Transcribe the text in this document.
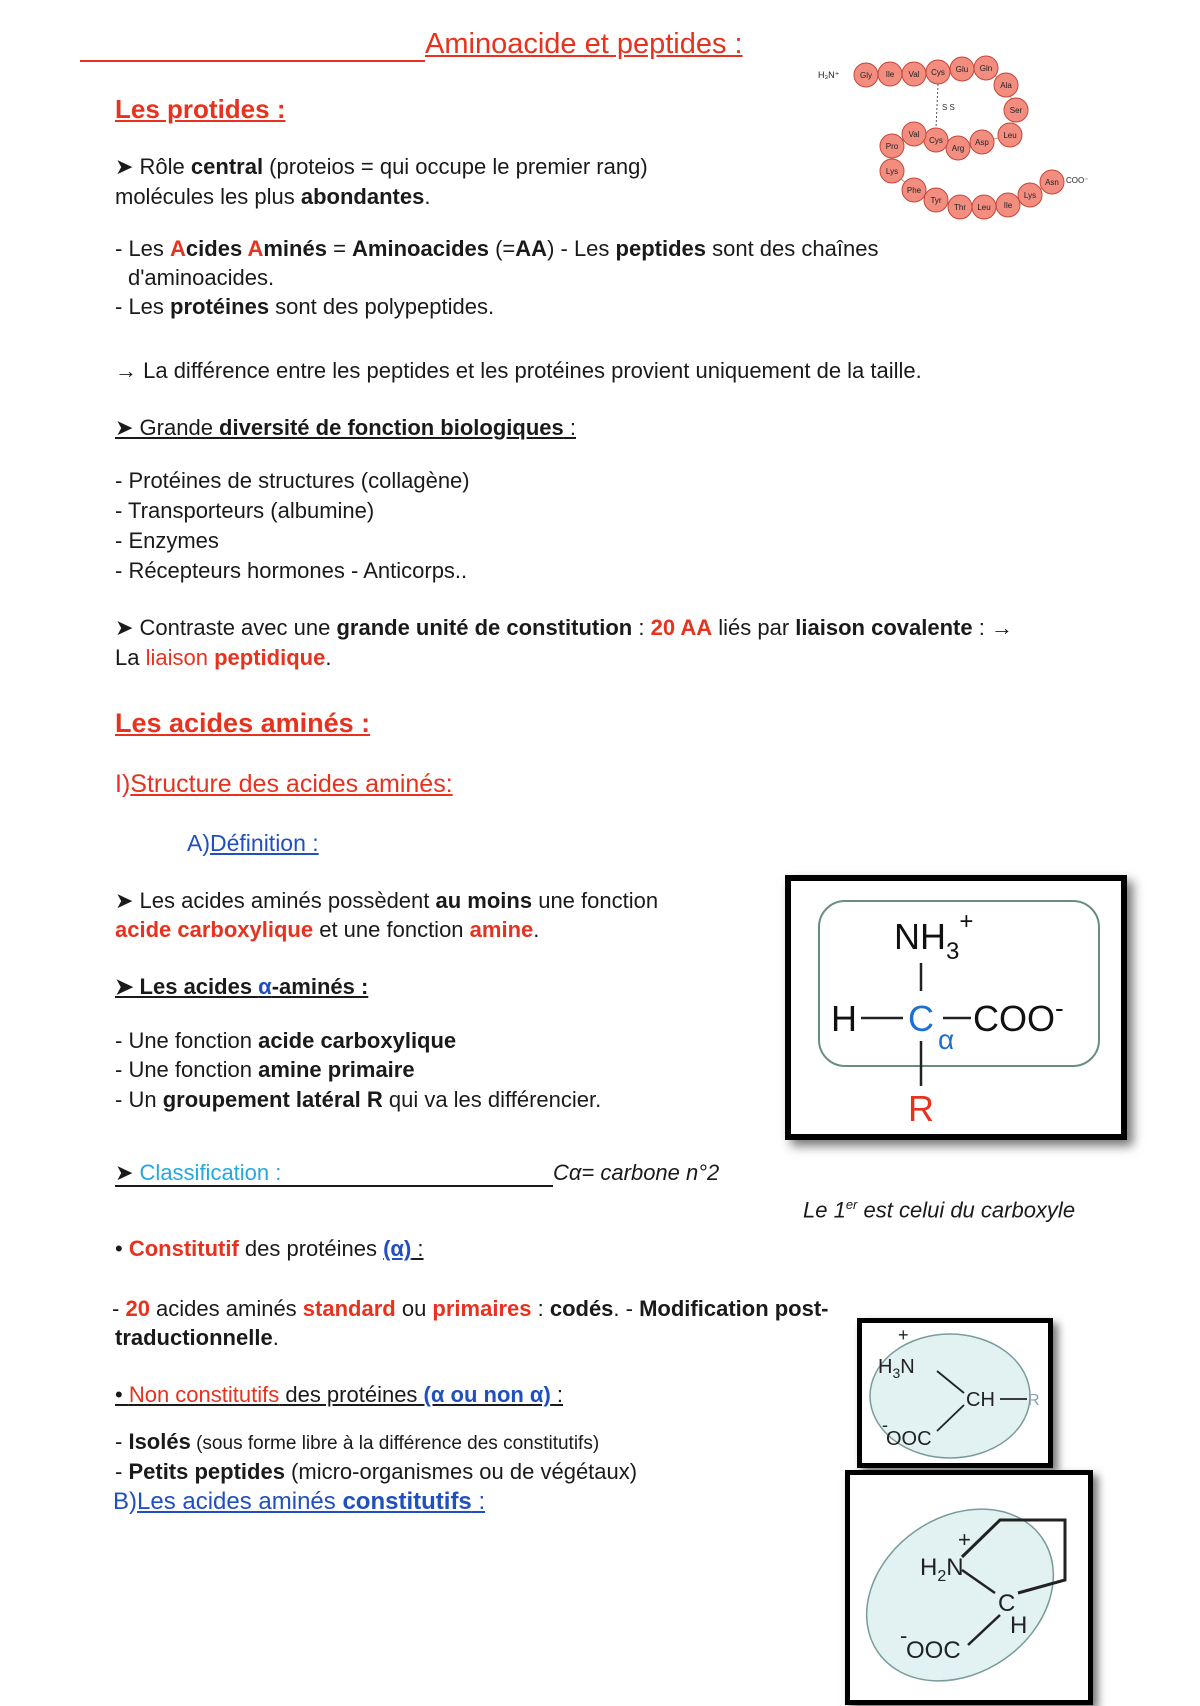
Aminoacide et peptides :
S S
Gly Ile Val Cys Glu Gln
Ala
Ser
Leu
Asp
Arg
Cys
Val
Pro
Lys
Phe
Tyr
Thr Leu Ile
Lys
Asn
H₃N⁺
COO⁻
Les protides :
➤ Rôle central (proteios = qui occupe le premier rang)
molécules les plus abondantes.
- Les Acides Aminés = Aminoacides (=AA) - Les peptides sont des chaînes
d'aminoacides.
- Les protéines sont des polypeptides.
→ La différence entre les peptides et les protéines provient uniquement de la taille.
➤ Grande diversité de fonction biologiques :
- Protéines de structures (collagène)
- Transporteurs (albumine)
- Enzymes
- Récepteurs hormones - Anticorps..
➤ Contraste avec une grande unité de constitution : 20 AA liés par liaison covalente : →
La liaison peptidique.
Les acides aminés :
I)Structure des acides aminés:
A)Définition :
➤ Les acides aminés possèdent au moins une fonction
acide carboxylique et une fonction amine.
➤ Les acides α-aminés :
- Une fonction acide carboxylique
- Une fonction amine primaire
- Un groupement latéral R qui va les différencier.
➤ Classification :	Cα= carbone n°2
Le 1er est celui du carboxyle
• Constitutif des protéines (α) :
- 20 acides aminés standard ou primaires : codés. - Modification post-
traductionnelle.
• Non constitutifs des protéines (α ou non α) :
- Isolés (sous forme libre à la différence des constitutifs)
- Petits peptides (micro-organismes ou de végétaux)
B)Les acides aminés constitutifs :
$NH_3^+$
H C
α
COO-
R
+
$H_3N$
CH R
-
OOC
+
$H_2N$
C
H
-
OOC
